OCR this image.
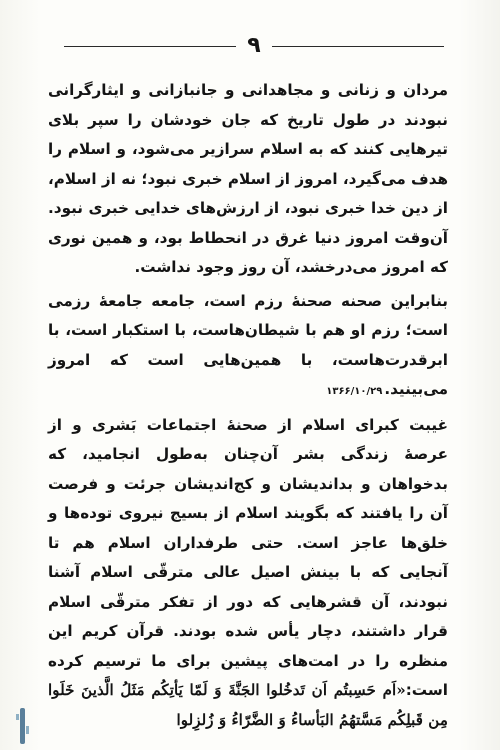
۹

مردان و زنانی و مجاهدانی و جانبازانی و ایثارگرانی نبودند در طول تاریخ که جان خودشان را سپر بلای تیرهایی کنند که به اسلام سرازیر می‌شود، و اسلام را هدف می‌گیرد، امروز از اسلام خبری نبود؛ نه از اسلام، از دین خدا خبری نبود، از ارزش‌های خدایی خبری نبود. آن‌وقت امروز دنیا غرق در انحطاط بود، و همین نوری که امروز می‌درخشد، آن روز وجود نداشت.

بنابراین صحنه صحنهٔ رزم است، جامعه جامعهٔ رزمی است؛ رزم او هم با شیطان‌هاست، با استکبار است، با ابرقدرت‌هاست، با همین‌هایی است که امروز می‌بینید.۱۳۶۶/۱۰/۲۹

غیبت کبرای اسلام از صحنهٔ اجتماعات بَشری و از عرصهٔ زندگی بشر آن‌چنان به‌طول انجامید، که بدخواهان و بداندیشان و کج‌اندیشان جرئت و فرصت آن را یافتند که بگویند اسلام از بسیج نیروی توده‌ها و خلق‌ها عاجز است. حتی طرفداران اسلام هم تا آنجایی که با بینش اصیل عالی مترقّی اسلام آشنا نبودند، آن قشرهایی که دور از تفکر مترقّی اسلام قرار داشتند، دچار یأس شده بودند. قرآن کریم این منظره را در امت‌های پیشین برای ما ترسیم کرده است:«اَم حَسِبتُم اَن تَدخُلوا الجَنَّةَ وَ لَمّا یَأتِکُم مَثَلُ الَّذینَ خَلَوا مِن قَبلِکُم مَسَّتهُمُ البَأساءُ وَ الضَّرّاءُ وَ زُلزِلوا
